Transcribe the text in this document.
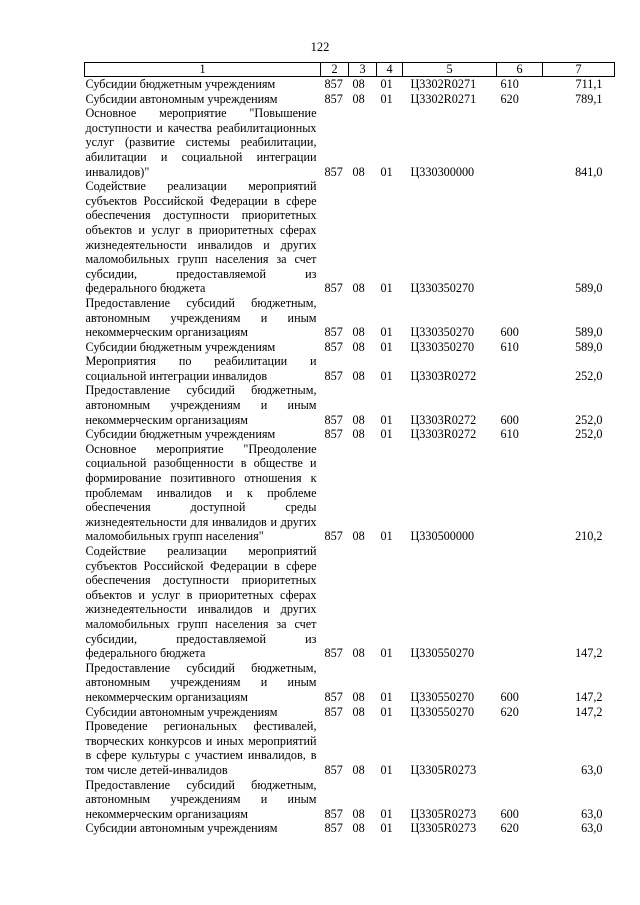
122
1	2	3	4	5	6	7
Субсидии бюджетным учреждениям	857	08	01	Ц3302R0271	610	711,1
Субсидии автономным учреждениям	857	08	01	Ц3302R0271	620	789,1
Основное мероприятие "Повышение доступности и качества реабилитационных услуг (развитие системы реабилитации, абилитации и социальной интеграции инвалидов)"	857	08	01	Ц330300000		841,0
Содействие реализации мероприятий субъектов Российской Федерации в сфере обеспечения доступности приоритетных объектов и услуг в приоритетных сферах жизнедеятельности инвалидов и других маломобильных групп населения за счет субсидии, предоставляемой из федерального бюджета	857	08	01	Ц330350270		589,0
Предоставление субсидий бюджетным, автономным учреждениям и иным некоммерческим организациям	857	08	01	Ц330350270	600	589,0
Субсидии бюджетным учреждениям	857	08	01	Ц330350270	610	589,0
Мероприятия по реабилитации и социальной интеграции инвалидов	857	08	01	Ц3303R0272		252,0
Предоставление субсидий бюджетным, автономным учреждениям и иным некоммерческим организациям	857	08	01	Ц3303R0272	600	252,0
Субсидии бюджетным учреждениям	857	08	01	Ц3303R0272	610	252,0
Основное мероприятие "Преодоление социальной разобщенности в обществе и формирование позитивного отношения к проблемам инвалидов и к проблеме обеспечения доступной среды жизнедеятельности для инвалидов и других маломобильных групп населения"	857	08	01	Ц330500000		210,2
Содействие реализации мероприятий субъектов Российской Федерации в сфере обеспечения доступности приоритетных объектов и услуг в приоритетных сферах жизнедеятельности инвалидов и других маломобильных групп населения за счет субсидии, предоставляемой из федерального бюджета	857	08	01	Ц330550270		147,2
Предоставление субсидий бюджетным, автономным учреждениям и иным некоммерческим организациям	857	08	01	Ц330550270	600	147,2
Субсидии автономным учреждениям	857	08	01	Ц330550270	620	147,2
Проведение региональных фестивалей, творческих конкурсов и иных мероприятий в сфере культуры с участием инвалидов, в том числе детей-инвалидов	857	08	01	Ц3305R0273		63,0
Предоставление субсидий бюджетным, автономным учреждениям и иным некоммерческим организациям	857	08	01	Ц3305R0273	600	63,0
Субсидии автономным учреждениям	857	08	01	Ц3305R0273	620	63,0
